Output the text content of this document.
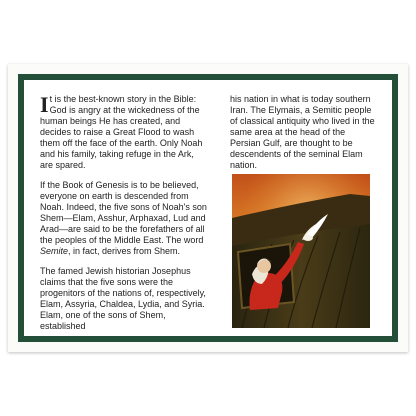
It is the best-known story in the Bible: God is angry at the wickedness of the human beings He has created, and decides to raise a Great Flood to wash them off the face of the earth. Only Noah and his family, taking refuge in the Ark, are spared.

If the Book of Genesis is to be believed, everyone on earth is descended from Noah. Indeed, the five sons of Noah's son Shem—Elam, Asshur, Arphaxad, Lud and Arad—are said to be the forefathers of all the peoples of the Middle East. The word Semite, in fact, derives from Shem.

The famed Jewish historian Josephus claims that the five sons were the progenitors of the nations of, respectively, Elam, Assyria, Chaldea, Lydia, and Syria. Elam, one of the sons of Shem, established

his nation in what is today southern Iran. The Elymais, a Semitic people of classical antiquity who lived in the same area at the head of the Persian Gulf, are thought to be descendents of the seminal Elam nation.
